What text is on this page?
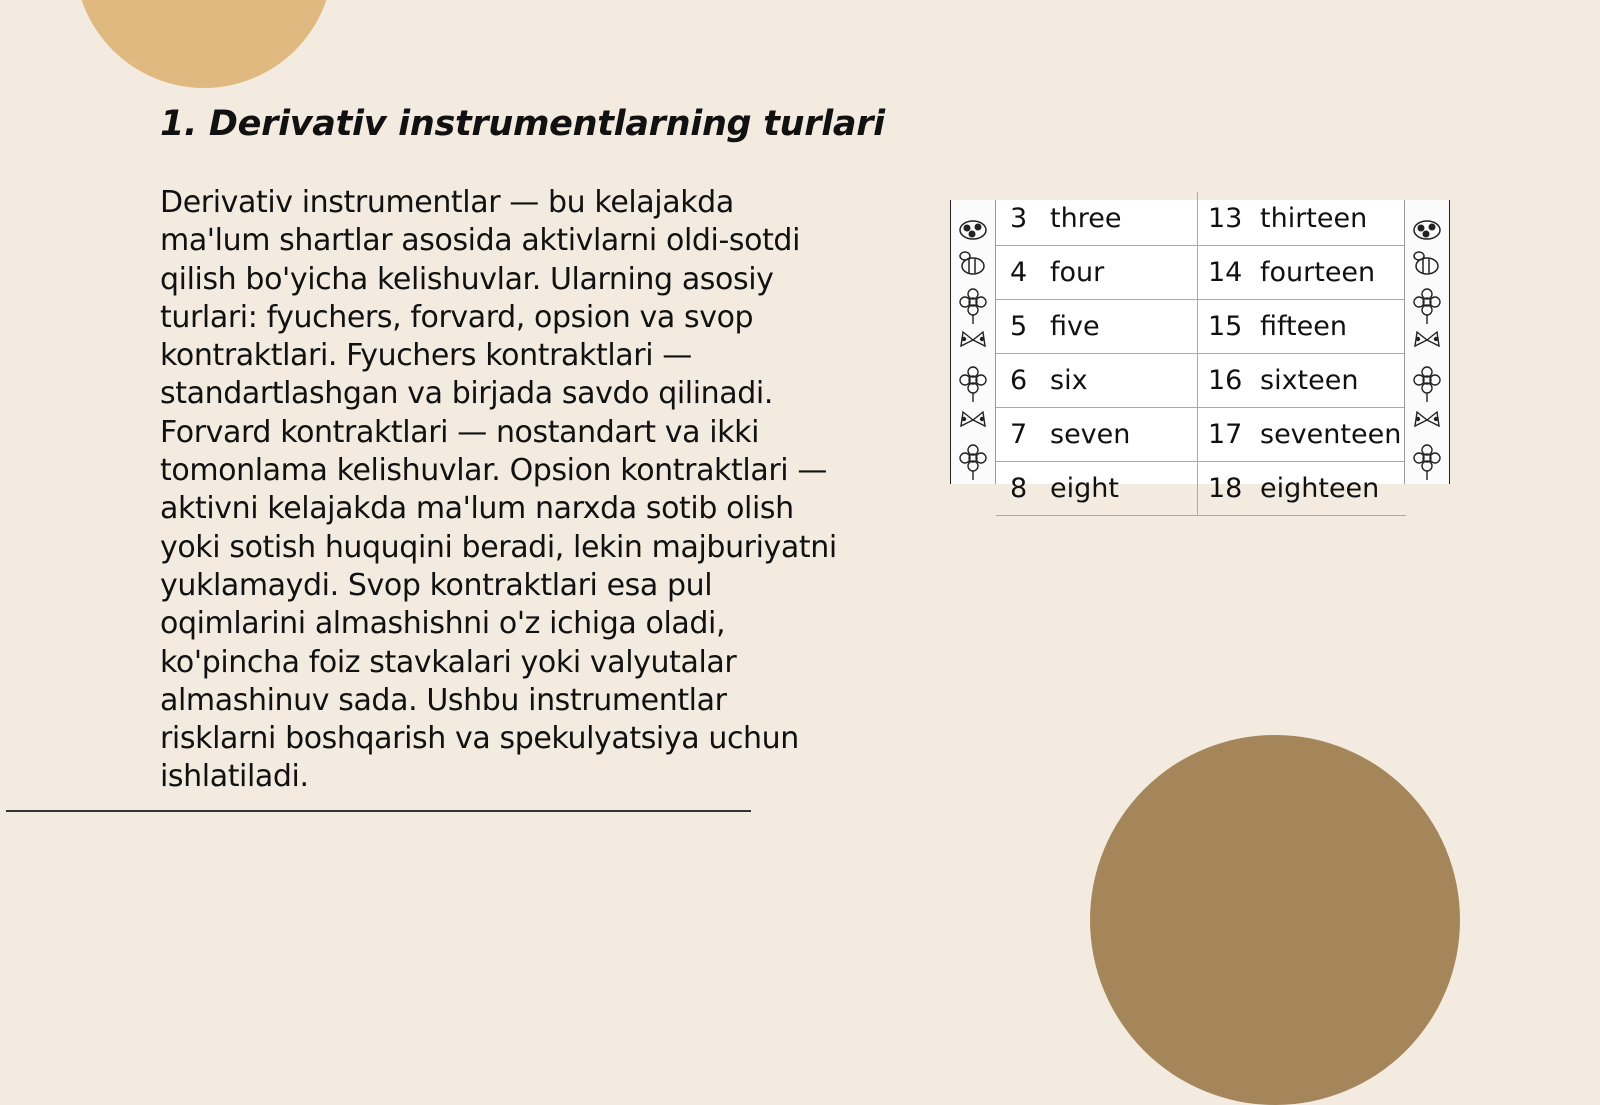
1. Derivativ instrumentlarning turlari

Derivativ instrumentlar — bu kelajakda ma'lum shartlar asosida aktivlarni oldi-sotdi qilish bo'yicha kelishuvlar. Ularning asosiy turlari: fyuchers, forvard, opsion va svop kontraktlari. Fyuchers kontraktlari — standartlashgan va birjada savdo qilinadi. Forvard kontraktlari — nostandart va ikki tomonlama kelishuvlar. Opsion kontraktlari — aktivni kelajakda ma'lum narxda sotib olish yoki sotish huquqini beradi, lekin majburiyatni yuklamaydi. Svop kontraktlari esa pul oqimlarini almashishni o'z ichiga oladi, ko'pincha foiz stavkalari yoki valyutalar almashinuv sada. Ushbu instrumentlar risklarni boshqarish va spekulyatsiya uchun ishlatiladi.

3 three	13 thirteen
4 four	14 fourteen
5 five	15 fifteen
6 six	16 sixteen
7 seven	17 seventeen
8 eight	18 eighteen
